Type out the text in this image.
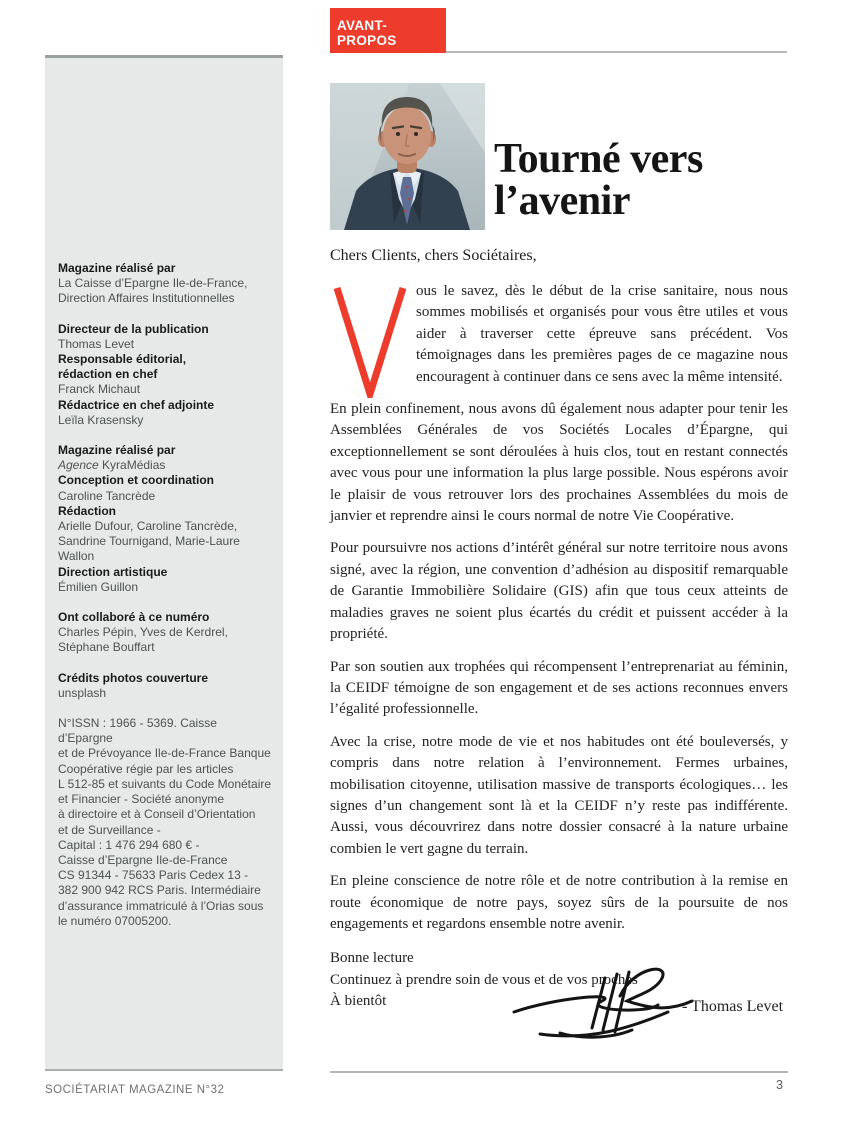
AVANT-PROPOS
Magazine réalisé par
La Caisse d’Epargne Ile-de-France,
Direction Affaires Institutionnelles
Directeur de la publication
Thomas Levet
Responsable éditorial,
rédaction en chef
Franck Michaut
Rédactrice en chef adjointe
Leïla Krasensky
Magazine réalisé par
Agence KyraMédias
Conception et coordination
Caroline Tancrède
Rédaction
Arielle Dufour, Caroline Tancrède,
Sandrine Tournigand, Marie-Laure Wallon
Direction artistique
Émilien Guillon
Ont collaboré à ce numéro
Charles Pépin, Yves de Kerdrel,
Stéphane Bouffart
Crédits photos couverture
unsplash
N°ISSN : 1966 - 5369. Caisse d’Epargne
et de Prévoyance Ile-de-France Banque
Coopérative régie par les articles
L 512-85 et suivants du Code Monétaire
et Financier - Société anonyme
à directoire et à Conseil d’Orientation
et de Surveillance -
Capital : 1 476 294 680 € -
Caisse d’Epargne Ile-de-France
CS 91344 - 75633 Paris Cedex 13 -
382 900 942 RCS Paris. Intermédiaire
d’assurance immatriculé à l’Orias sous
le numéro 07005200.
Tourné vers
l’avenir

Chers Clients, chers Sociétaires,

ous le savez, dès le début de la crise sanitaire, nous nous sommes mobilisés et organisés pour vous être utiles et vous aider à traverser cette épreuve sans précédent. Vos témoignages dans les premières pages de ce magazine nous encouragent à continuer dans ce sens avec la même intensité.

En plein confinement, nous avons dû également nous adapter pour tenir les Assemblées Générales de vos Sociétés Locales d’Épargne, qui exceptionnellement se sont déroulées à huis clos, tout en restant connectés avec vous pour une information la plus large possible. Nous espérons avoir le plaisir de vous retrouver lors des prochaines Assemblées du mois de janvier et reprendre ainsi le cours normal de notre Vie Coopérative.

Pour poursuivre nos actions d’intérêt général sur notre territoire nous avons signé, avec la région, une convention d’adhésion au dispositif remarquable de Garantie Immobilière Solidaire (GIS) afin que tous ceux atteints de maladies graves ne soient plus écartés du crédit et puissent accéder à la propriété.

Par son soutien aux trophées qui récompensent l’entreprenariat au féminin, la CEIDF témoigne de son engagement et de ses actions reconnues envers l’égalité professionnelle.

Avec la crise, notre mode de vie et nos habitudes ont été bouleversés, y compris dans notre relation à l’environnement. Fermes urbaines, mobilisation citoyenne, utilisation massive de transports écologiques… les signes d’un changement sont là et la CEIDF n’y reste pas indifférente. Aussi, vous découvrirez dans notre dossier consacré à la nature urbaine combien le vert gagne du terrain.

En pleine conscience de notre rôle et de notre contribution à la remise en route économique de notre pays, soyez sûrs de la poursuite de nos engagements et regardons ensemble notre avenir.

Bonne lecture
Continuez à prendre soin de vous et de vos proches
À bientôt	- Thomas Levet
SOCIÉTARIAT MAGAZINE N°32	3
